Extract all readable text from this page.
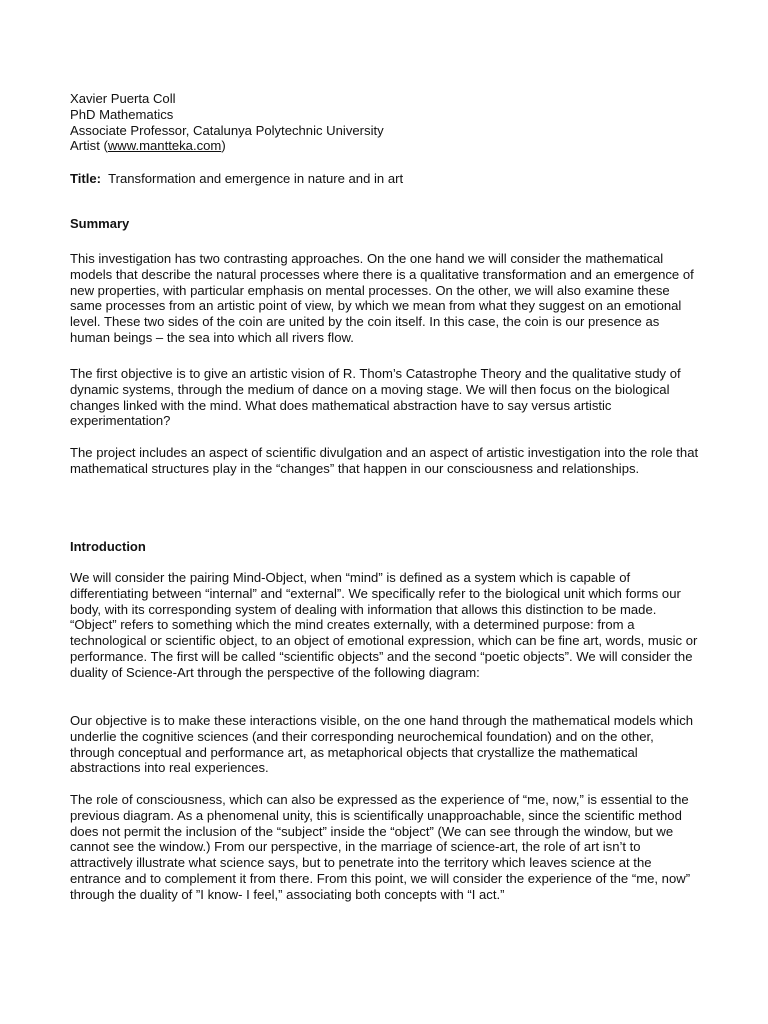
Xavier Puerta Coll
PhD Mathematics
Associate Professor, Catalunya Polytechnic University
Artist (www.mantteka.com)
Title: Transformation and emergence in nature and in art
Summary

This investigation has two contrasting approaches. On the one hand we will consider the mathematical models that describe the natural processes where there is a qualitative transformation and an emergence of new properties, with particular emphasis on mental processes. On the other, we will also examine these same processes from an artistic point of view, by which we mean from what they suggest on an emotional level. These two sides of the coin are united by the coin itself. In this case, the coin is our presence as human beings – the sea into which all rivers flow.

The first objective is to give an artistic vision of R. Thom’s Catastrophe Theory and the qualitative study of dynamic systems, through the medium of dance on a moving stage. We will then focus on the biological changes linked with the mind. What does mathematical abstraction have to say versus artistic experimentation?

The project includes an aspect of scientific divulgation and an aspect of artistic investigation into the role that mathematical structures play in the “changes” that happen in our consciousness and relationships.

Introduction

We will consider the pairing Mind-Object, when “mind” is defined as a system which is capable of differentiating between “internal” and “external”. We specifically refer to the biological unit which forms our body, with its corresponding system of dealing with information that allows this distinction to be made. “Object” refers to something which the mind creates externally, with a determined purpose: from a technological or scientific object, to an object of emotional expression, which can be fine art, words, music or performance. The first will be called “scientific objects” and the second “poetic objects”. We will consider the duality of Science-Art through the perspective of the following diagram:

Our objective is to make these interactions visible, on the one hand through the mathematical models which underlie the cognitive sciences (and their corresponding neurochemical foundation) and on the other, through conceptual and performance art, as metaphorical objects that crystallize the mathematical abstractions into real experiences.

The role of consciousness, which can also be expressed as the experience of “me, now,” is essential to the previous diagram. As a phenomenal unity, this is scientifically unapproachable, since the scientific method does not permit the inclusion of the “subject” inside the “object” (We can see through the window, but we cannot see the window.) From our perspective, in the marriage of science-art, the role of art isn’t to attractively illustrate what science says, but to penetrate into the territory which leaves science at the entrance and to complement it from there. From this point, we will consider the experience of the “me, now” through the duality of ”I know- I feel,” associating both concepts with “I act.”
